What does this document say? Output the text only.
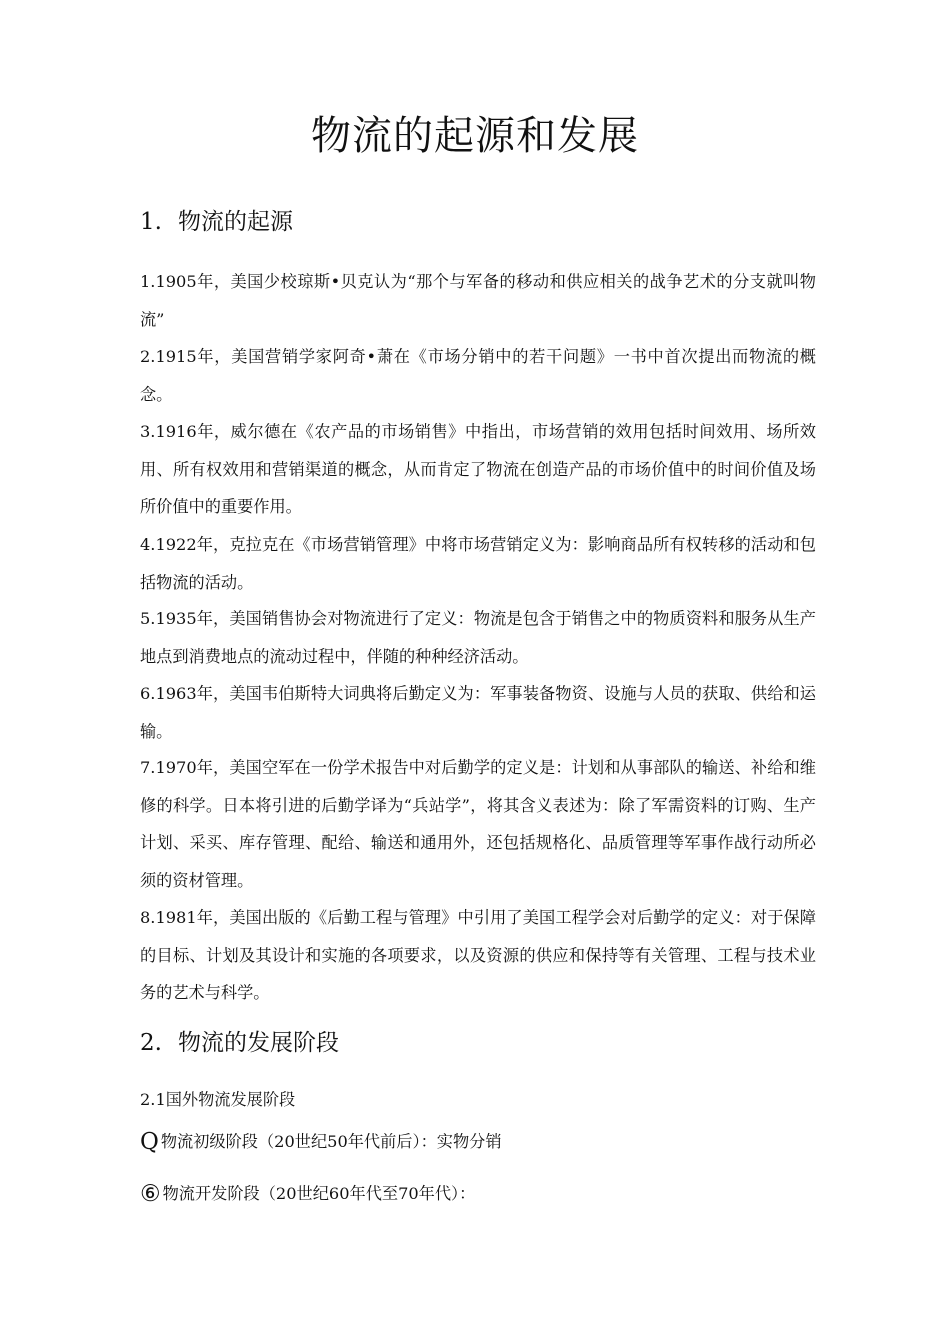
物流的起源和发展
1. 物流的起源

1.1905年，美国少校琼斯•贝克认为“那个与军备的移动和供应相关的战争艺术的分支就叫物流”

2.1915年，美国营销学家阿奇•萧在《市场分销中的若干问题》一书中首次提出而物流的概念。

3.1916年，威尔德在《农产品的市场销售》中指出，市场营销的效用包括时间效用、场所效用、所有权效用和营销渠道的概念，从而肯定了物流在创造产品的市场价值中的时间价值及场所价值中的重要作用。

4.1922年，克拉克在《市场营销管理》中将市场营销定义为：影响商品所有权转移的活动和包括物流的活动。

5.1935年，美国销售协会对物流进行了定义：物流是包含于销售之中的物质资料和服务从生产地点到消费地点的流动过程中，伴随的种种经济活动。

6.1963年，美国韦伯斯特大词典将后勤定义为：军事装备物资、设施与人员的获取、供给和运输。

7.1970年，美国空军在一份学术报告中对后勤学的定义是：计划和从事部队的输送、补给和维修的科学。日本将引进的后勤学译为“兵站学”，将其含义表述为：除了军需资料的订购、生产计划、采买、库存管理、配给、输送和通用外，还包括规格化、品质管理等军事作战行动所必须的资材管理。

8.1981年，美国出版的《后勤工程与管理》中引用了美国工程学会对后勤学的定义：对于保障的目标、计划及其设计和实施的各项要求，以及资源的供应和保持等有关管理、工程与技术业务的艺术与科学。

2. 物流的发展阶段

2.1国外物流发展阶段

Q 物流初级阶段（20世纪50年代前后）：实物分销

⑥ 物流开发阶段（20世纪60年代至70年代）：
